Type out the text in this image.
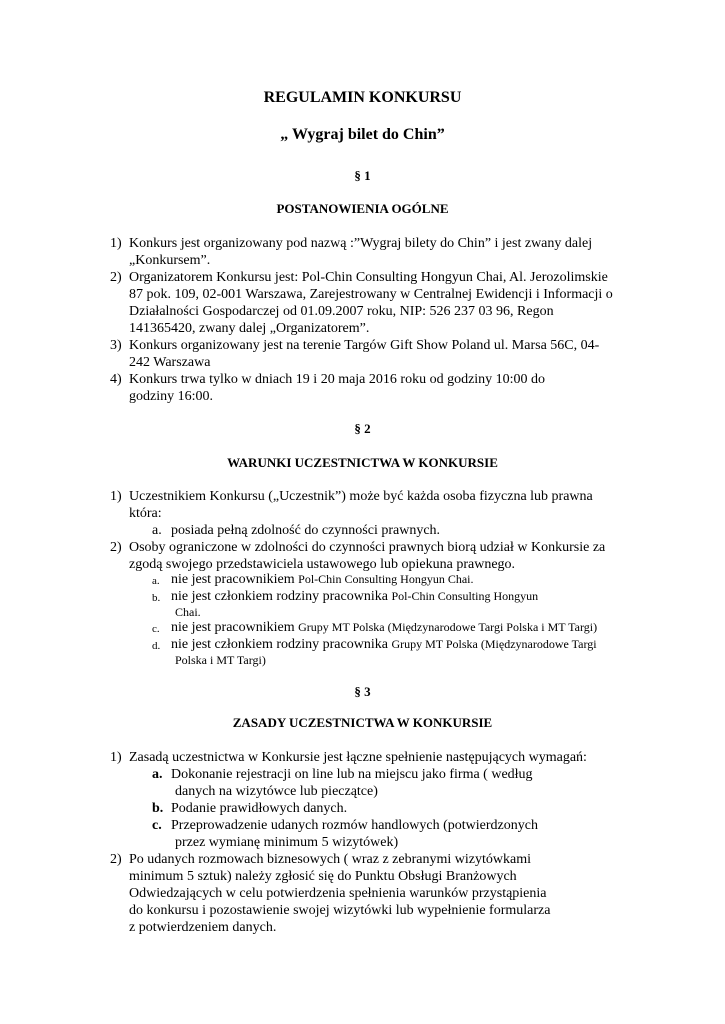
REGULAMIN KONKURSU
„ Wygraj bilet do Chin”
§ 1
POSTANOWIENIA OGÓLNE
1) Konkurs jest organizowany pod nazwą :”Wygraj bilety do Chin” i jest zwany dalej
„Konkursem”.
2) Organizatorem Konkursu jest: Pol-Chin Consulting Hongyun Chai, Al. Jerozolimskie
87 pok. 109, 02-001 Warszawa, Zarejestrowany w Centralnej Ewidencji i Informacji o
Działalności Gospodarczej od 01.09.2007 roku, NIP: 526 237 03 96, Regon
141365420, zwany dalej „Organizatorem”.
3) Konkurs organizowany jest na terenie Targów Gift Show Poland ul. Marsa 56C, 04-
242 Warszawa
4) Konkurs trwa tylko w dniach 19 i 20 maja 2016 roku od godziny 10:00 do
godziny 16:00.
§ 2
WARUNKI UCZESTNICTWA W KONKURSIE
1) Uczestnikiem Konkursu („Uczestnik”) może być każda osoba fizyczna lub prawna
która:
a. posiada pełną zdolność do czynności prawnych.
2) Osoby ograniczone w zdolności do czynności prawnych biorą udział w Konkursie za
zgodą swojego przedstawiciela ustawowego lub opiekuna prawnego.
a. nie jest pracownikiem Pol-Chin Consulting Hongyun Chai.
b. nie jest członkiem rodziny pracownika Pol-Chin Consulting Hongyun
Chai.
c. nie jest pracownikiem Grupy MT Polska (Międzynarodowe Targi Polska i MT Targi)
d. nie jest członkiem rodziny pracownika Grupy MT Polska (Międzynarodowe Targi
Polska i MT Targi)
§ 3
ZASADY UCZESTNICTWA W KONKURSIE
1) Zasadą uczestnictwa w Konkursie jest łączne spełnienie następujących wymagań:
a. Dokonanie rejestracji on line lub na miejscu jako firma ( według
danych na wizytówce lub pieczątce)
b. Podanie prawidłowych danych.
c. Przeprowadzenie udanych rozmów handlowych (potwierdzonych
przez wymianę minimum 5 wizytówek)
2) Po udanych rozmowach biznesowych ( wraz z zebranymi wizytówkami
minimum 5 sztuk) należy zgłosić się do Punktu Obsługi Branżowych
Odwiedzających w celu potwierdzenia spełnienia warunków przystąpienia
do konkursu i pozostawienie swojej wizytówki lub wypełnienie formularza
z potwierdzeniem danych.
